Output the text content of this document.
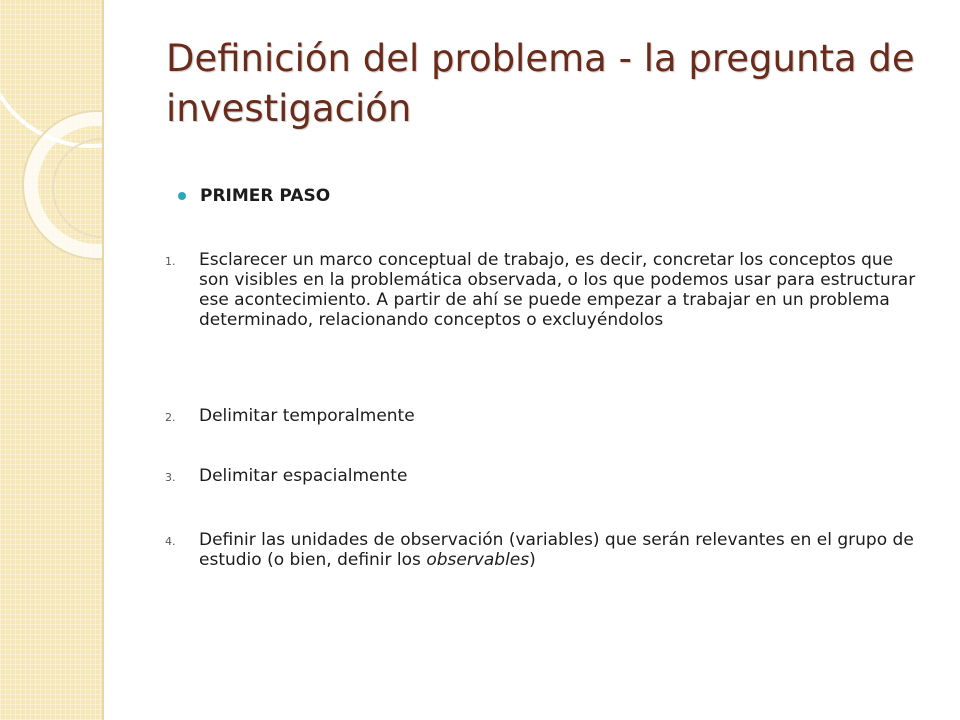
Definición del problema - la pregunta de investigación
PRIMER PASO
1.	Esclarecer un marco conceptual de trabajo, es decir, concretar los conceptos que son visibles en la problemática observada, o los que podemos usar para estructurar ese acontecimiento. A partir de ahí se puede empezar a trabajar en un problema determinado, relacionando conceptos o excluyéndolos
2.	Delimitar temporalmente
3.	Delimitar espacialmente
4.	Definir las unidades de observación (variables) que serán relevantes en el grupo de estudio (o bien, definir los observables)
